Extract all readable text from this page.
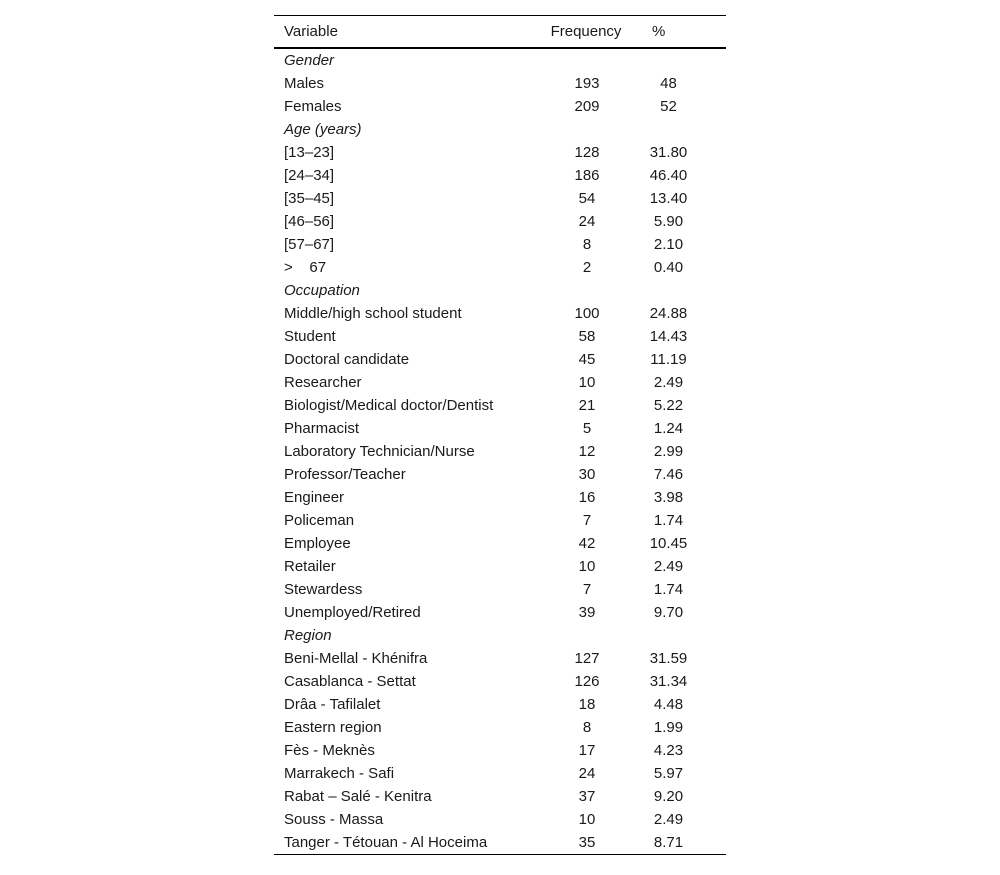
Variable	Frequency	%
Gender		
Males	193	48
Females	209	52
Age (years)		
[13–23]	128	31.80
[24–34]	186	46.40
[35–45]	54	13.40
[46–56]	24	5.90
[57–67]	8	2.10
>    67	2	0.40
Occupation		
Middle/high school student	100	24.88
Student	58	14.43
Doctoral candidate	45	11.19
Researcher	10	2.49
Biologist/Medical doctor/Dentist	21	5.22
Pharmacist	5	1.24
Laboratory Technician/Nurse	12	2.99
Professor/Teacher	30	7.46
Engineer	16	3.98
Policeman	7	1.74
Employee	42	10.45
Retailer	10	2.49
Stewardess	7	1.74
Unemployed/Retired	39	9.70
Region		
Beni-Mellal - Khénifra	127	31.59
Casablanca - Settat	126	31.34
Drâa - Tafilalet	18	4.48
Eastern region	8	1.99
Fès - Meknès	17	4.23
Marrakech - Safi	24	5.97
Rabat – Salé - Kenitra	37	9.20
Souss - Massa	10	2.49
Tanger - Tétouan - Al Hoceima	35	8.71
